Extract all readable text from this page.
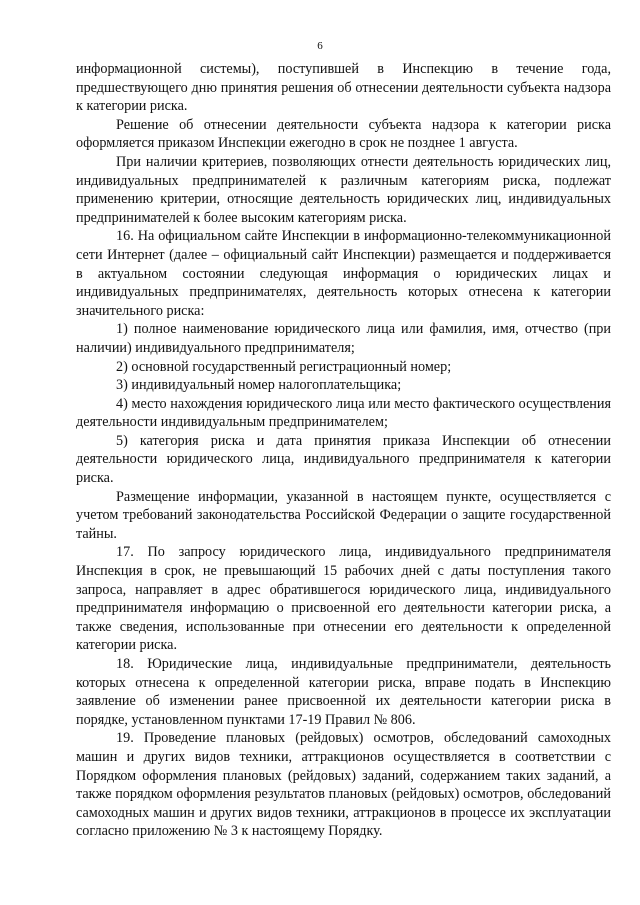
6

информационной системы), поступившей в Инспекцию в течение года, предшествующего дню принятия решения об отнесении деятельности субъекта надзора к категории риска.

Решение об отнесении деятельности субъекта надзора к категории риска оформляется приказом Инспекции ежегодно в срок не позднее 1 августа.

При наличии критериев, позволяющих отнести деятельность юридических лиц, индивидуальных предпринимателей к различным категориям риска, подлежат применению критерии, относящие деятельность юридических лиц, индивидуальных предпринимателей к более высоким категориям риска.

16. На официальном сайте Инспекции в информационно-телекоммуникационной сети Интернет (далее – официальный сайт Инспекции) размещается и поддерживается в актуальном состоянии следующая информация о юридических лицах и индивидуальных предпринимателях, деятельность которых отнесена к категории значительного риска:

1) полное наименование юридического лица или фамилия, имя, отчество (при наличии) индивидуального предпринимателя;

2) основной государственный регистрационный номер;

3) индивидуальный номер налогоплательщика;

4) место нахождения юридического лица или место фактического осуществления деятельности индивидуальным предпринимателем;

5) категория риска и дата принятия приказа Инспекции об отнесении деятельности юридического лица, индивидуального предпринимателя к категории риска.

Размещение информации, указанной в настоящем пункте, осуществляется с учетом требований законодательства Российской Федерации о защите государственной тайны.

17. По запросу юридического лица, индивидуального предпринимателя Инспекция в срок, не превышающий 15 рабочих дней с даты поступления такого запроса, направляет в адрес обратившегося юридического лица, индивидуального предпринимателя информацию о присвоенной его деятельности категории риска, а также сведения, использованные при отнесении его деятельности к определенной категории риска.

18. Юридические лица, индивидуальные предприниматели, деятельность которых отнесена к определенной категории риска, вправе подать в Инспекцию заявление об изменении ранее присвоенной их деятельности категории риска в порядке, установленном пунктами 17-19 Правил № 806.

19. Проведение плановых (рейдовых) осмотров, обследований самоходных машин и других видов техники, аттракционов осуществляется в соответствии с Порядком оформления плановых (рейдовых) заданий, содержанием таких заданий, а также порядком оформления результатов плановых (рейдовых) осмотров, обследований самоходных машин и других видов техники, аттракционов в процессе их эксплуатации согласно приложению № 3 к настоящему Порядку.
